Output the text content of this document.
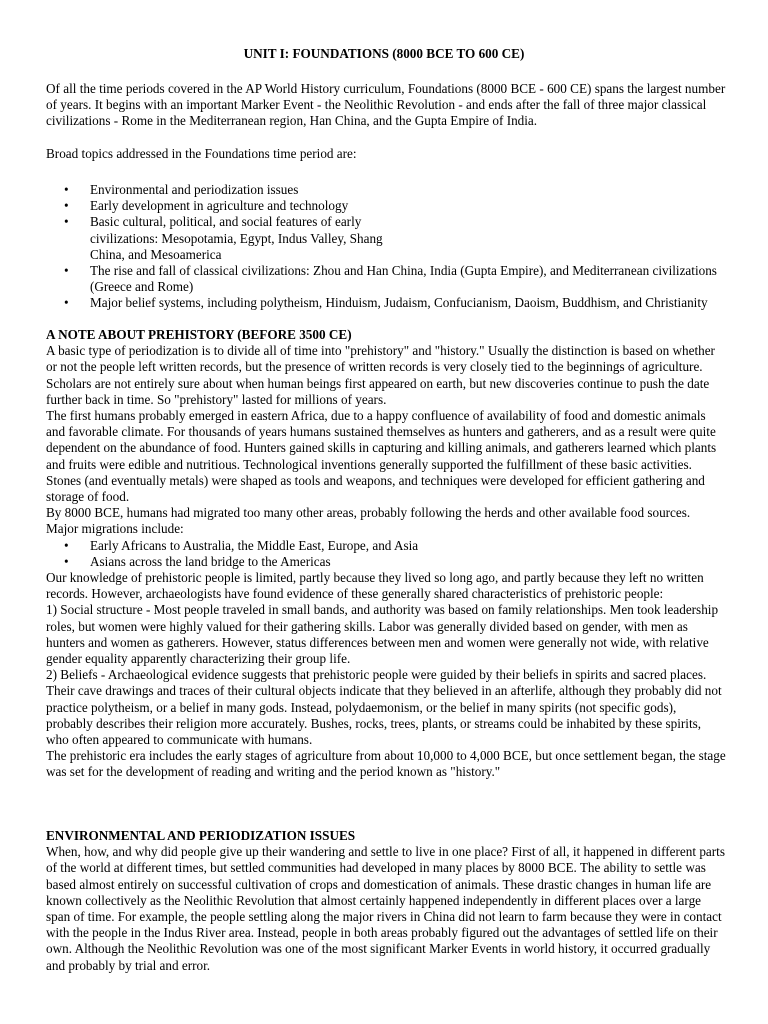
UNIT I: FOUNDATIONS (8000 BCE TO 600 CE)

Of all the time periods covered in the AP World History curriculum, Foundations (8000 BCE - 600 CE) spans the largest number of years. It begins with an important Marker Event - the Neolithic Revolution - and ends after the fall of three major classical civilizations - Rome in the Mediterranean region, Han China, and the Gupta Empire of India.

Broad topics addressed in the Foundations time period are:

• Environmental and periodization issues
• Early development in agriculture and technology
• Basic cultural, political, and social features of early civilizations: Mesopotamia, Egypt, Indus Valley, Shang China, and Mesoamerica
• The rise and fall of classical civilizations: Zhou and Han China, India (Gupta Empire), and Mediterranean civilizations (Greece and Rome)
• Major belief systems, including polytheism, Hinduism, Judaism, Confucianism, Daoism, Buddhism, and Christianity
A NOTE ABOUT PREHISTORY (BEFORE 3500 CE)

A basic type of periodization is to divide all of time into "prehistory" and "history." Usually the distinction is based on whether or not the people left written records, but the presence of written records is very closely tied to the beginnings of agriculture. Scholars are not entirely sure about when human beings first appeared on earth, but new discoveries continue to push the date further back in time. So "prehistory" lasted for millions of years.

The first humans probably emerged in eastern Africa, due to a happy confluence of availability of food and domestic animals and favorable climate. For thousands of years humans sustained themselves as hunters and gatherers, and as a result were quite dependent on the abundance of food. Hunters gained skills in capturing and killing animals, and gatherers learned which plants and fruits were edible and nutritious. Technological inventions generally supported the fulfillment of these basic activities. Stones (and eventually metals) were shaped as tools and weapons, and techniques were developed for efficient gathering and storage of food.

By 8000 BCE, humans had migrated too many other areas, probably following the herds and other available food sources.

Major migrations include:

• Early Africans to Australia, the Middle East, Europe, and Asia
• Asians across the land bridge to the Americas

Our knowledge of prehistoric people is limited, partly because they lived so long ago, and partly because they left no written records. However, archaeologists have found evidence of these generally shared characteristics of prehistoric people:

1) Social structure - Most people traveled in small bands, and authority was based on family relationships. Men took leadership roles, but women were highly valued for their gathering skills. Labor was generally divided based on gender, with men as hunters and women as gatherers. However, status differences between men and women were generally not wide, with relative gender equality apparently characterizing their group life.

2) Beliefs - Archaeological evidence suggests that prehistoric people were guided by their beliefs in spirits and sacred places. Their cave drawings and traces of their cultural objects indicate that they believed in an afterlife, although they probably did not practice polytheism, or a belief in many gods. Instead, polydaemonism, or the belief in many spirits (not specific gods), probably describes their religion more accurately. Bushes, rocks, trees, plants, or streams could be inhabited by these spirits, who often appeared to communicate with humans.

The prehistoric era includes the early stages of agriculture from about 10,000 to 4,000 BCE, but once settlement began, the stage was set for the development of reading and writing and the period known as "history."

ENVIRONMENTAL AND PERIODIZATION ISSUES

When, how, and why did people give up their wandering and settle to live in one place? First of all, it happened in different parts of the world at different times, but settled communities had developed in many places by 8000 BCE. The ability to settle was based almost entirely on successful cultivation of crops and domestication of animals. These drastic changes in human life are known collectively as the Neolithic Revolution that almost certainly happened independently in different places over a large span of time. For example, the people settling along the major rivers in China did not learn to farm because they were in contact with the people in the Indus River area. Instead, people in both areas probably figured out the advantages of settled life on their own. Although the Neolithic Revolution was one of the most significant Marker Events in world history, it occurred gradually and probably by trial and error.
